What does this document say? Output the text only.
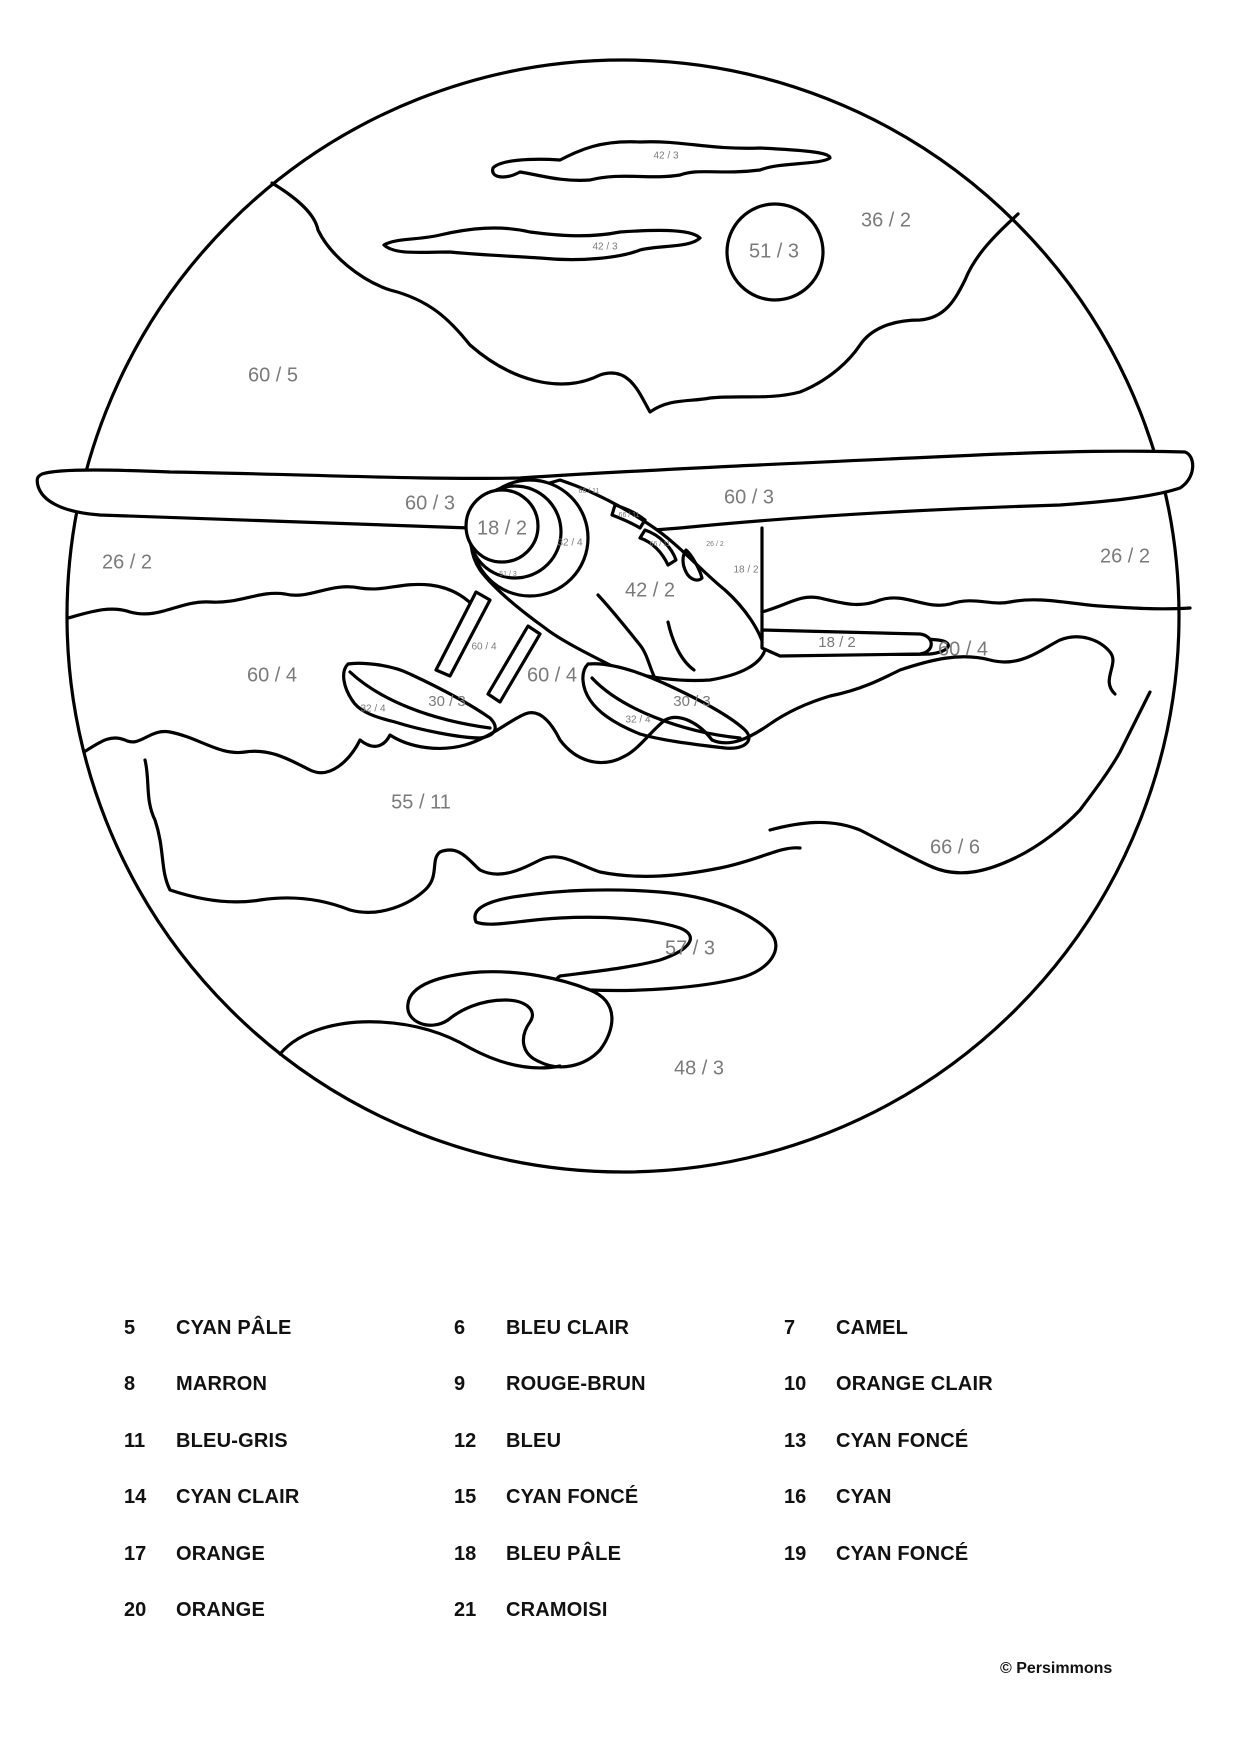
42 / 3
42 / 3	51 / 3
36 / 2
60 / 5
60 / 3	60 / 3
18 / 2
32 / 4
51 / 3
66 / 11
66 / 11
66 / 11	26 / 2
18 / 2
42 / 2
18 / 2
26 / 2	26 / 2
60 / 4
60 / 4	60 / 4
60 / 4
32 / 4	30 / 3
32 / 4
30 / 3
55 / 11
66 / 6
57 / 3
48 / 3
5	CYAN PÂLE	6	BLEU CLAIR	7	CAMEL
8	MARRON	9	ROUGE-BRUN	10	ORANGE CLAIR
11	BLEU-GRIS	12	BLEU	13	CYAN FONCÉ
14	CYAN CLAIR	15	CYAN FONCÉ	16	CYAN
17	ORANGE	18	BLEU PÂLE	19	CYAN FONCÉ
20	ORANGE	21	CRAMOISI
© Persimmons
